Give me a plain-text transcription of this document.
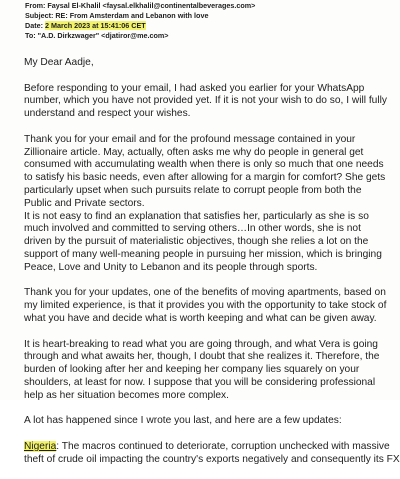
From: Faysal El-Khalil <faysal.elkhalil@continentalbeverages.com>
Subject: RE: From Amsterdam and Lebanon with love
Date: 2 March 2023 at 15:41:06 CET
To: "A.D. Dirkzwager" <djatiror@me.com>

My Dear Aadje,

Before responding to your email, I had asked you earlier for your WhatsApp number, which you have not provided yet. If it is not your wish to do so, I will fully understand and respect your wishes.

Thank you for your email and for the profound message contained in your Zillionaire article. May, actually, often asks me why do people in general get consumed with accumulating wealth when there is only so much that one needs to satisfy his basic needs, even after allowing for a margin for comfort? She gets particularly upset when such pursuits relate to corrupt people from both the Public and Private sectors.
It is not easy to find an explanation that satisfies her, particularly as she is so much involved and committed to serving others…In other words, she is not driven by the pursuit of materialistic objectives, though she relies a lot on the support of many well-meaning people in pursuing her mission, which is bringing Peace, Love and Unity to Lebanon and its people through sports.

Thank you for your updates, one of the benefits of moving apartments, based on my limited experience, is that it provides you with the opportunity to take stock of what you have and decide what is worth keeping and what can be given away.

It is heart-breaking to read what you are going through, and what Vera is going through and what awaits her, though, I doubt that she realizes it. Therefore, the burden of looking after her and keeping her company lies squarely on your shoulders, at least for now. I suppose that you will be considering professional help as her situation becomes more complex.

A lot has happened since I wrote you last, and here are a few updates:

Nigeria: The macros continued to deteriorate, corruption unchecked with massive
theft of crude oil impacting the country's exports negatively and consequently its FX
